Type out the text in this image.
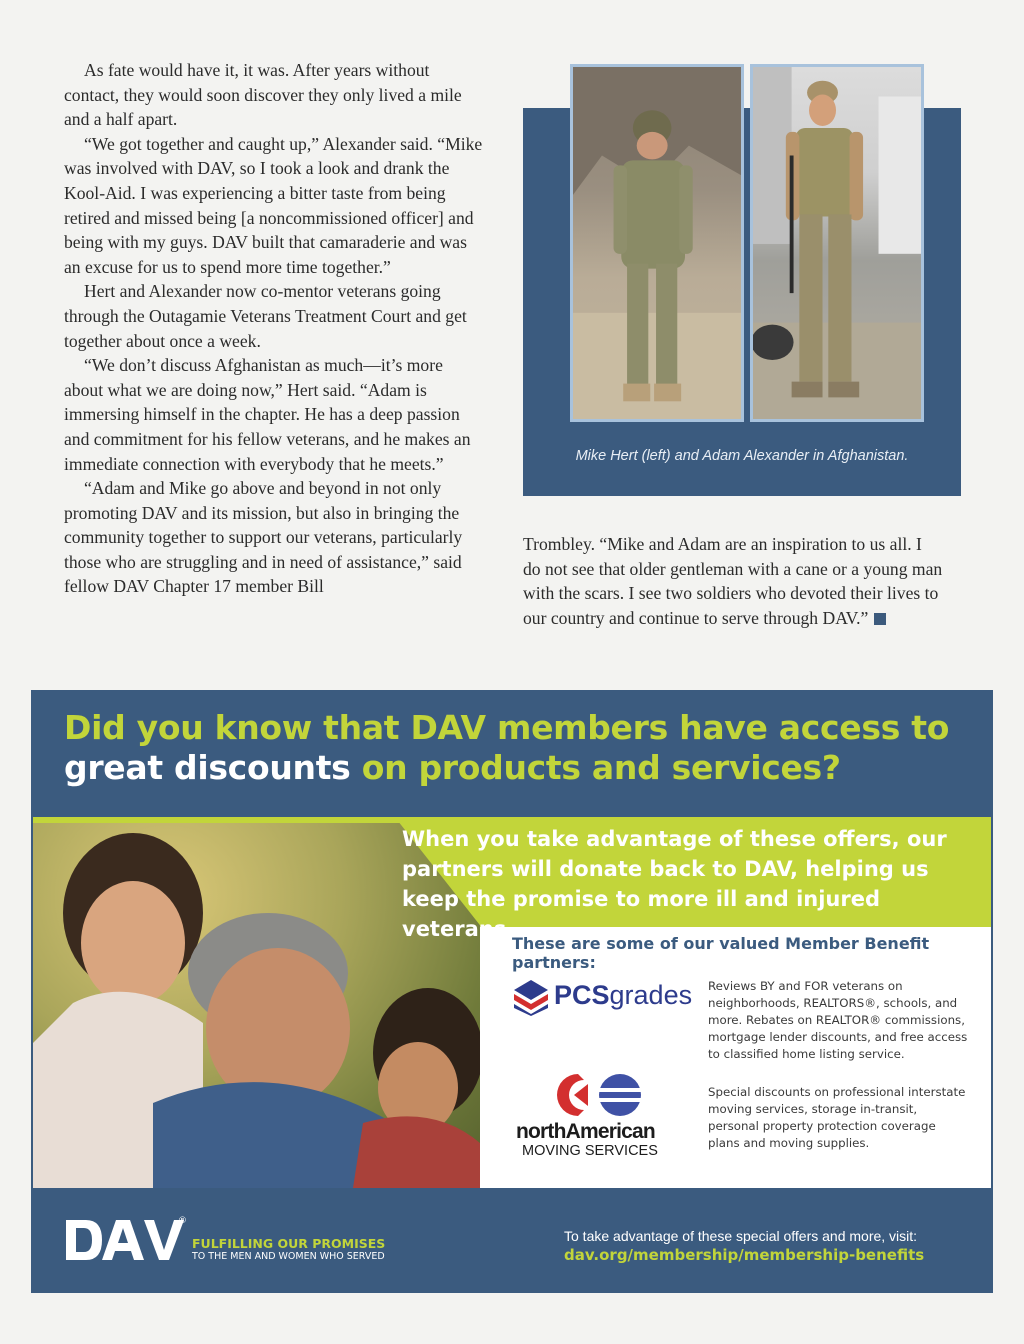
As fate would have it, it was. After years without contact, they would soon discover they only lived a mile and a half apart.

“We got together and caught up,” Alexander said. “Mike was involved with DAV, so I took a look and drank the Kool-Aid. I was experiencing a bitter taste from being retired and missed being [a noncommissioned officer] and being with my guys. DAV built that camaraderie and was an excuse for us to spend more time together.”

Hert and Alexander now co-mentor veterans going through the Outagamie Veterans Treatment Court and get together about once a week.

“We don’t discuss Afghanistan as much—it’s more about what we are doing now,” Hert said. “Adam is immersing himself in the chapter. He has a deep passion and commitment for his fellow veterans, and he makes an immediate connection with everybody that he meets.”

“Adam and Mike go above and beyond in not only promoting DAV and its mission, but also in bringing the community together to support our veterans, particularly those who are struggling and in need of assistance,” said fellow DAV Chapter 17 member Bill

Mike Hert (left) and Adam Alexander in Afghanistan.

Trombley. “Mike and Adam are an inspiration to us all. I do not see that older gentleman with a cane or a young man with the scars. I see two soldiers who devoted their lives to our country and continue to serve through DAV.”

Did you know that DAV members have access to great discounts on products and services?
When you take advantage of these offers, our partners will donate back to DAV, helping us keep the promise to more ill and injured veterans.
These are some of our valued Member Benefit partners:
PCSgrades Reviews BY and FOR veterans on neighborhoods, REALTORS®, schools, and more. Rebates on REALTOR® commissions, mortgage lender discounts, and free access to classified home listing service.
northAmerican
MOVING SERVICES
Special discounts on professional interstate moving services, storage in-transit, personal property protection coverage plans and moving supplies.
®
FULFILLING OUR PROMISES
TO THE MEN AND WOMEN WHO SERVED
To take advantage of these special offers and more, visit:
dav.org/membership/membership-benefits
